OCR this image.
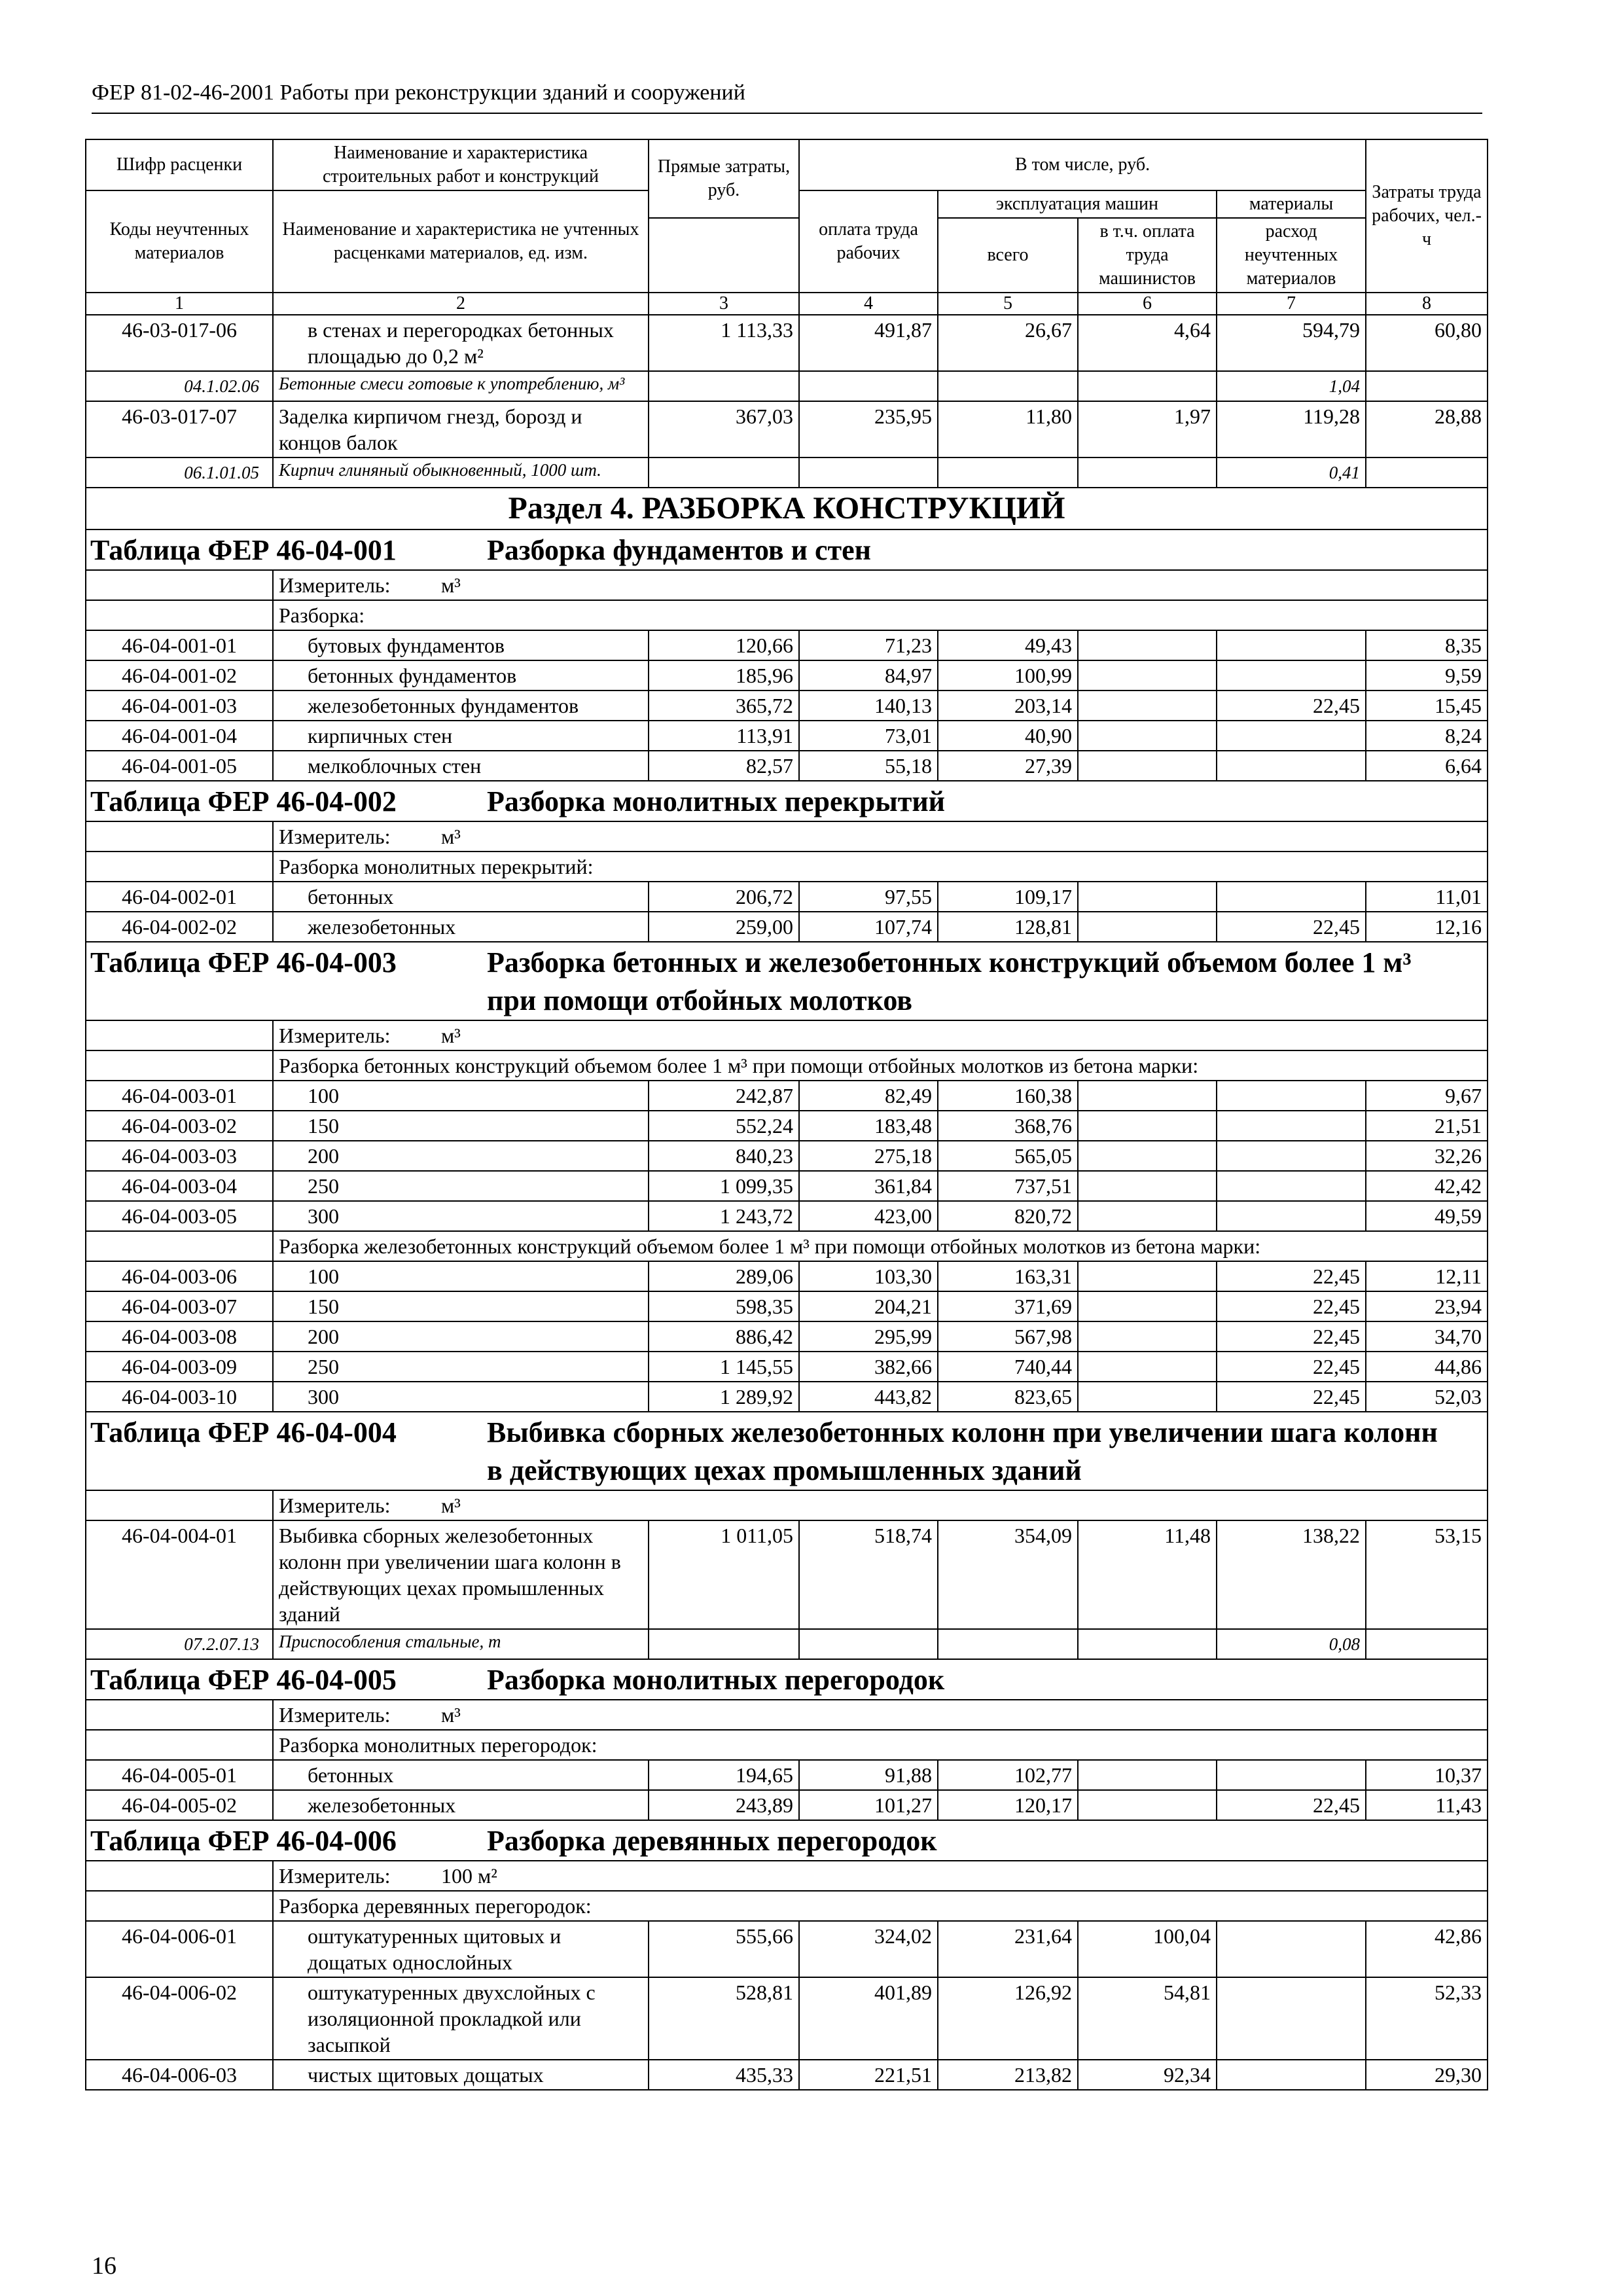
ФЕР 81-02-46-2001 Работы при реконструкции зданий и сооружений
Шифр расценки	Наименование и характеристика строительных работ и конструкций	Прямые затраты, руб.	В том числе, руб.				Затраты труда рабочих, чел.-ч
Коды неучтенных материалов	Наименование и характеристика не учтенных расценками материалов, ед. изм.		оплата труда рабочих	эксплуатация машин		материалы	
				всего	в т.ч. оплата труда машинистов	расход неучтенных материалов	
1	2	3	4	5	6	7	8
46-03-017-06	в стенах и перегородках бетонных площадью до 0,2 м²	1 113,33	491,87	26,67	4,64	594,79	60,80
04.1.02.06	Бетонные смеси готовые к употреблению, м³					1,04	
46-03-017-07	Заделка кирпичом гнезд, борозд и концов балок	367,03	235,95	11,80	1,97	119,28	28,88
06.1.01.05	Кирпич глиняный обыкновенный, 1000 шт.					0,41	
Раздел 4. РАЗБОРКА КОНСТРУКЦИЙ							
Таблица ФЕР 46-04-001 Разборка фундаментов и стен							
	Измеритель: м³						
	Разборка:						
46-04-001-01	бутовых фундаментов	120,66	71,23	49,43			8,35
46-04-001-02	бетонных фундаментов	185,96	84,97	100,99			9,59
46-04-001-03	железобетонных фундаментов	365,72	140,13	203,14		22,45	15,45
46-04-001-04	кирпичных стен	113,91	73,01	40,90			8,24
46-04-001-05	мелкоблочных стен	82,57	55,18	27,39			6,64
Таблица ФЕР 46-04-002 Разборка монолитных перекрытий							
	Измеритель: м³						
	Разборка монолитных перекрытий:						
46-04-002-01	бетонных	206,72	97,55	109,17			11,01
46-04-002-02	железобетонных	259,00	107,74	128,81		22,45	12,16
Таблица ФЕР 46-04-003 Разборка бетонных и железобетонных конструкций объемом более 1 м³ при помощи отбойных молотков							
	Измеритель: м³						
	Разборка бетонных конструкций объемом более 1 м³ при помощи отбойных молотков из бетона марки:						
46-04-003-01	100	242,87	82,49	160,38			9,67
46-04-003-02	150	552,24	183,48	368,76			21,51
46-04-003-03	200	840,23	275,18	565,05			32,26
46-04-003-04	250	1 099,35	361,84	737,51			42,42
46-04-003-05	300	1 243,72	423,00	820,72			49,59
	Разборка железобетонных конструкций объемом более 1 м³ при помощи отбойных молотков из бетона марки:						
46-04-003-06	100	289,06	103,30	163,31		22,45	12,11
46-04-003-07	150	598,35	204,21	371,69		22,45	23,94
46-04-003-08	200	886,42	295,99	567,98		22,45	34,70
46-04-003-09	250	1 145,55	382,66	740,44		22,45	44,86
46-04-003-10	300	1 289,92	443,82	823,65		22,45	52,03
Таблица ФЕР 46-04-004 Выбивка сборных железобетонных колонн при увеличении шага колонн в действующих цехах промышленных зданий							
	Измеритель: м³						
46-04-004-01	Выбивка сборных железобетонных колонн при увеличении шага колонн в действующих цехах промышленных зданий	1 011,05	518,74	354,09	11,48	138,22	53,15
07.2.07.13	Приспособления стальные, т					0,08	
Таблица ФЕР 46-04-005 Разборка монолитных перегородок							
	Измеритель: м³						
	Разборка монолитных перегородок:						
46-04-005-01	бетонных	194,65	91,88	102,77			10,37
46-04-005-02	железобетонных	243,89	101,27	120,17		22,45	11,43
Таблица ФЕР 46-04-006 Разборка деревянных перегородок							
	Измеритель: 100 м²						
	Разборка деревянных перегородок:						
46-04-006-01	оштукатуренных щитовых и дощатых однослойных	555,66	324,02	231,64	100,04		42,86
46-04-006-02	оштукатуренных двухслойных с изоляционной прокладкой или засыпкой	528,81	401,89	126,92	54,81		52,33
46-04-006-03	чистых щитовых дощатых	435,33	221,51	213,82	92,34		29,30
16
